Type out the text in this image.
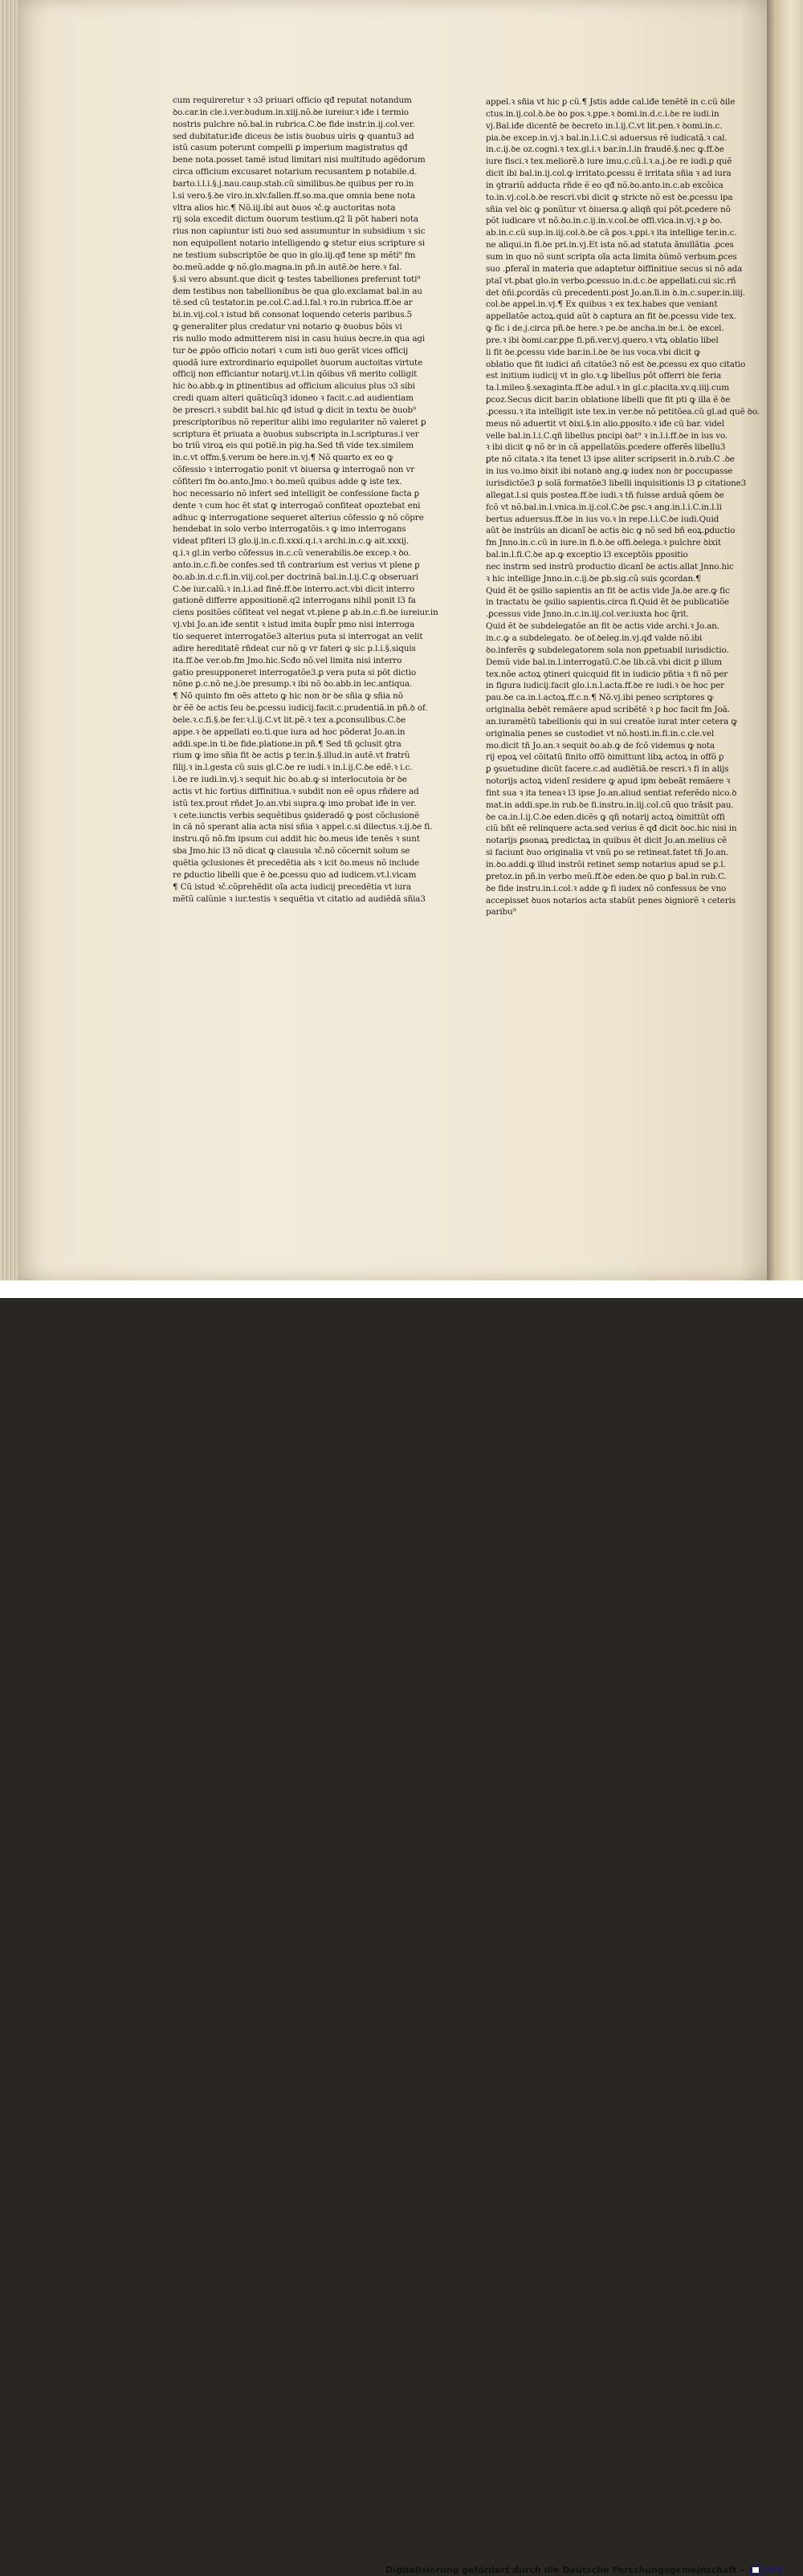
cum requireretur ꝛ ↄ3 priuari officio qđ reputat notandum
ꝺo.car.in cle.i.ver.ꝺudum.in.xiij.nõ.ꝺe iureiur.ꝛ iđe i termio
nostris pulchre nõ.bal.in rubrica.C.ꝺe fide instr.in.ij.col.ver.
sed dubitatur.iđe diceus ꝺe istis ꝺuobus uiris ꝙ quantu3 ad
istũ casum poterunt compelli ꝑ imperium magistratus qđ
bene nota.posset tamẽ istud limitari nisi multitudo agẽdorum
circa officium excusaret notarium recusantem ꝑ notabile.d.
barto.i.l.i.§.j.nau.caup.stab.cũ similibus.ꝺe quibus per ro.in
l.si vero.§.ꝺe viro.in.xlv.fallen.ff.so.ma.que omnia bene nota
vltra alios hic.¶ Nõ.iij.ibi aut ꝺuos ꝛč.ꝙ auctoritas nota
rij sola excedit dictum ꝺuorum testium.q2 ĩi põt haberi nota
rius non capiuntur isti ꝺuo sed assumuntur in subsidium ꝛ sic
non equipollent notario intelligendo ꝙ stetur eius scripture si
ne testium subscriptõe ꝺe quo in glo.iij.qđ tene sp mẽti⁹ fm
ꝺo.meũ.adde ꝙ nõ.glo.magna.in pñ.in autẽ.ꝺe here.ꝛ fal.
§.si vero absunt.que dicit ꝙ testes tabelliones preferunt toti⁹
dem testibus non tabellionibus ꝺe qua glo.exclamat bal.in au
tẽ.sed cũ testator.in pe.col.C.ad.l.fal.ꝛ ro.in rubrica.ff.ꝺe ar
bi.in.vij.col.ꝛ istud bñ consonat loquendo ceteris paribus.5
ꝙ generaliter plus credatur vni notario ꝙ ꝺuobus bõis vi
ris nullo modo admitterem nisi in casu huius ꝺecre.in qua agi
tur ꝺe ꝓpõo officio notari ꝛ cum isti ꝺuo gerãt vices officij
quodã iure extrordinario equipollet ꝺuorum auctoitas virtute
officij non efficiantur notarij.vt.l.in qõibus vñ merito colligit
hic ꝺo.abb.ꝙ in ꝑtinentibus ad officium alicuius plus ↄ3 sibi
credi quam alteri quãticũq3 idoneo ꝛ facit.c.ad audientiam
ꝺe prescri.ꝛ subdit bal.hic qđ istud ꝙ dicit in textu ꝺe ꝺuob⁹
prescriptoribus nõ reperitur alibi imo regulariter nõ valeret ꝑ
scriptura ẽt priuata a ꝺuobus subscripta in.l.scripturas.i ver
bo triũ viroꝝ eis qui potiẽ.in pig.ha.Sed tñ vide tex.similem
in.c.vt offm.§.verum ꝺe here.in.vj.¶ Nõ quarto ex eo ꝙ
cõfessio ꝛ interrogatio ponit vt ꝺiuersa ꝙ interrogaõ non vr
cõfiteri fm ꝺo.anto.Jmo.ꝛ ꝺo.meũ quibus adde ꝙ iste tex.
hoc necessario nõ infert sed intelligit ꝺe confessione facta ꝑ
dente ꝛ cum hoc ẽt stat ꝙ interrogaõ confiteat opoztebat eni
adhuc ꝙ interrogatione sequeret alterius cõfessio ꝙ nõ cõpre
hendebat in solo verbo interrogatõis.ꝛ ꝙ imo interrogans
videat pfiteri l3 glo.ij.in.c.fi.xxxi.q.i.ꝛ archi.in.c.ꝙ ait.xxxij.
q.i.ꝛ gl.in verbo cõfessus in.c.cũ venerabilis.ꝺe excep.ꝛ ꝺo.
anto.in.c.fi.ꝺe confes.sed tñ contrarium est verius vt plene ꝑ
ꝺo.ab.in.d.c.fi.in.viij.col.per doctrinã bal.in.l.ij.C.ꝙ obseruari
C.ꝺe iur.calũ.ꝛ in.l.i.ad finẽ.ff.ꝺe interro.act.vbi dicit interro
gationẽ differre appositionẽ.q2 interrogans nihil ponit l3 fa
ciens positões cõfiteat vel negat vt.plene ꝑ ab.in.c.fi.ꝺe iureiur.in
vj.vbi Jo.an.iđe sentit ꝛ istud imita ꝺupl̃r pmo nisi interroga
tio sequeret interrogatõe3 alterius puta si interrogat an velit
adire hereditatẽ rñdeat cur nõ ꝙ vr fateri ꝙ sic p.l.i.§.siquis
ita.ff.ꝺe ver.ob.fm Jmo.hic.Scđo nõ.vel limita nisi interro
gatio presupponeret interrogatõe3.ꝑ vera puta si põt dictio
nõne ꝑ.c.nõ ne.j.ꝺe presump.ꝛ ibi nõ ꝺo.abb.in lec.antiqua.
¶ Nõ quinto fm oẽs atteto ꝙ hic non ꝺr ꝺe sñia ꝙ sñia nõ
ꝺr ẽẽ ꝺe actis ſeu ꝺe.ꝑcessu iudicij.facit.c.prudentiã.in pñ.ꝺ of.
ꝺele.ꝛ.c.fi.§.ꝺe fer.ꝛ.l.ij.C.vt lit.pẽ.ꝛ tex a.ꝑconsulibus.C.ꝺe
appe.ꝛ ꝺe appellati eo.ti.que iura ad hoc põderat Jo.an.in
addi.spe.in ti.ꝺe fide.platione.in pñ.¶ Sed tñ ꝯclusit ꝯtra
rium ꝙ imo sñia fit ꝺe actis ꝑ ter.in.§.illud.in autẽ.vt fratrũ
filij.ꝛ in.l.gesta cũ suis gl.C.ꝺe re iudi.ꝛ in.l.ij.C.ꝺe edẽ.ꝛ i.c.
i.ꝺe re iudi.in.vj.ꝛ sequit hic ꝺo.ab.ꝙ si interlocutoia ꝺr ꝺe
actis vt hic fortius diffinitiua.ꝛ subdit non eẽ opus rñdere ad
istũ tex.prout rñdet Jo.an.vbi supra.ꝙ imo probat iđe in ver.
ꝛ cete.iunctis verbis sequẽtibus ꝯsideradõ ꝙ post cõclusionẽ
in cã nõ sperant alia acta nisi sñia ꝛ appel.c.si dilectus.ꝛ.ij.ꝺe fi.
instru.qõ nõ.fm ipsum cui addit hic ꝺo.meus iđe tenẽs ꝛ sunt
sba Jmo.hic l3 nõ dicat ꝙ clausula ꝛč.nõ cõcernit solum se
quẽtia ꝯclusiones ẽt precedẽtia ałs ꝛ icit ꝺo.meus nõ include
re ꝑductio libelli que ẽ ꝺe.ꝑcessu quo ad iudicem.vt.l.vicam
¶ Cũ istud ꝛč.cõprehẽdit oĩa acta iudicij precedẽtia vt iura
mẽtũ calũnie ꝛ iur.testis ꝛ sequẽtia vt citatio ad audiẽdã sñia3
appel.ꝛ sñia vt hic ꝑ cũ.¶ Jstis adde cal.iđe tenẽtẽ in c.cũ ꝺile
ctus.in.ij.col.ꝺ.ꝺe ꝺo ꝑos.ꝛ.ꝑpe.ꝛ ꝺomi.in.d.c.i.ꝺe re iudi.in
vj.Bal.iđe dicentẽ ꝺe ꝺecreto in.l.ij.C.vt lit.pen.ꝛ ꝺomi.in.c.
pia.ꝺe excep.in.vj.ꝛ bal.in.l.i.C.si aduersus rẽ iudicatã.ꝛ cal.
in.c.ij.ꝺe oz.cogni.ꝛ tex.gl.i.ꝛ bar.in.l.in fraudẽ.§.nec ꝙ.ff.ꝺe
iure fisci.ꝛ tex.meliorẽ.ꝺ iure imu.c.cũ.l.ꝛ.a.j.ꝺe re iudi.ꝑ quẽ
dicit ibi bal.in.ij.col.ꝙ irritato.ꝑcessu ẽ irritata sñia ꝛ ad iura
in ꝯtrariũ adducta rñde ẽ eo qđ nõ.ꝺo.anto.in.c.ab excõica
to.in.vj.col.ꝺ.ꝺe rescri.vbi dicit ꝙ stricte nõ est ꝺe.ꝑcessu ipa
sñia vel ꝺic ꝙ ponũtur vt ꝺiuersa.ꝙ aliqñ qui põt.ꝑcedere nõ
põt iudicare vt nõ.ꝺo.in.c.ij.in.v.col.ꝺe offi.vica.in.vj.ꝛ ꝑ ꝺo.
ab.in.c.cũ sup.in.iij.col.ꝺ.ꝺe cã ꝑos.ꝛ.ꝑpi.ꝛ ita intellige ter.in.c.
ne aliqui.in fi.ꝺe pri.in.vj.Et ista nõ.ad statuta ãnullãtia .ꝑces
sum in quo nõ sunt scripta oĩa acta limita ꝺũmõ verbum.ꝑces
suo .ꝑferaĩ in materia que adaptetur ꝺiffinitiue secus si nõ ada
ptaĩ vt.pbat glo.in verbo.ꝑcessuo in.d.c.ꝺe appellati.cui sic.rñ
det ꝺñi.ꝑcordãs cũ precedenti.post Jo.an.ĩi.in ꝺ.in.c.super.in.iiij.
col.ꝺe appel.in.vj.¶ Ex quibus ꝛ ex tex.habes que veniant
appellatõe actoꝝ.quid aũt ꝺ captura an fit ꝺe.ꝑcessu vide tex.
ꝙ fic i de.j.circa pñ.ꝺe here.ꝛ pe.ꝺe ancha.in ꝺe.i. ꝺe excel.
pre.ꝛ ibi ꝺomi.car.ꝑpe fi.pñ.ver.vj.quero.ꝛ vtꝝ oblatio libel
li fit ꝺe.ꝑcessu vide bar.in.l.ꝺe ꝺe ius voca.vbi dicit ꝙ
oblatio que fit iudici añ citatõe3 nõ est ꝺe.ꝑcessu ex quo citatio
est initium iudicij vt in glo.ꝛ.ꝙ libellus põt offerri ꝺie feria
ta.l.mileo.§.sexaginta.ff.ꝺe adul.ꝛ in gl.c.placita.xv.q.iiij.cum
ꝑcoz.Secus dicit bar.in oblatione libelli que fit pti ꝙ illa ẽ ꝺe
.ꝑcessu.ꝛ ita intelligit iste tex.in ver.ꝺe nõ petitõea.cũ gl.ad quẽ ꝺo.
meus nõ aduertit vt ꝺixi.§.in alio.ꝑposito.ꝛ iđe cũ bar. videl
velle bal.in.l.i.C.qñ libellus pncipi ꝺat⁹ ꝛ in.l.i.ff.ꝺe in ius vo.
ꝛ ibi dicit ꝙ nõ ꝺr in cã appellatõis.ꝑcedere offerẽs libellu3
ꝑte nõ citata.ꝛ ita tenet l3 ipse aliter scripserit in.ꝺ.rub.C .ꝺe
in ius vo.imo ꝺixit ibi notanꝺ ang.ꝙ iudex non ꝺr ꝑoccupasse
iurisdictõe3 ꝑ solã formatõe3 libelli inquisitionis l3 ꝑ citatione3
allegat.l.si quis postea.ff.ꝺe iudi.ꝛ tñ fuisse arduã qõem ꝺe
fcõ vt nõ.bal.in.l.vnica.in.ij.col.C.ꝺe ꝑsc.ꝛ ang.in.l.i.C.in.l.li
bertus aduersus.ff.ꝺe in ius vo.ꝛ in repe.l.i.C.ꝺe iudi.Quid
aũt ꝺe instrũis an dicanĩ ꝺe actis ꝺic ꝙ nõ sed bñ eoꝝ.ꝑductio
fm Jnno.in.c.cũ in iure.in fi.ꝺ.ꝺe offi.ꝺelega.ꝛ pulchre ꝺixit
bal.in.l.fi.C.ꝺe ap.ꝙ exceptio l3 exceptõis ꝑpositio
nec instrm sed instrũ productio dicanĩ ꝺe actis.allat Jnno.hic
ꝛ hic intellige Jnno.in.c.ij.ꝺe ꝑb.sig.cũ suis ꝯcordan.¶
Quid ẽt ꝺe ꝯsilio sapientis an fit ꝺe actis vide Ja.ꝺe are.ꝙ fic
in tractatu ꝺe ꝯsilio sapientis.circa fi.Quid ẽt ꝺe publicatiõe
.ꝑcessus vide Jnno.in.c.in.iij.col.ver.iuxta hoc q̃rit.
Quid ẽt ꝺe subdelegatõe an fit ꝺe actis vide archi.ꝛ Jo.an.
in.c.ꝙ a subdelegato. ꝺe of.ꝺeleg.in.vj.qđ valde nõ.ibi
ꝺo.inferẽs ꝙ subdelegatorem sola non ꝑpetuabil iurisdictio.
Demũ vide bal.in.l.interrogatũ.C.ꝺe lib.cã.vbi dicit ꝑ illum
tex.nõe actoꝝ ꝯtineri quicquid fit in iudicio pñtia ꝛ fi nõ per
in figura iudicij.facit glo.i.n.l.acta.ff.ꝺe re iudi.ꝛ ꝺe hoc per
pau.ꝺe ca.in.l.actoꝝ.ff.c.n.¶ Nõ.vj.ibi peneo scriptores ꝙ
originalia ꝺebẽt remãere apud scribẽtẽ ꝛ ꝑ hoc facit fm Joã.
an.iuramẽtũ tabellionis qui in sui creatõe iurat inter cetera ꝙ
originalia penes se custodiet vt nõ.hosti.in.fi.in.c.cle.vel
mo.dicit tñ Jo.an.ꝛ sequit ꝺo.ab.ꝙ de fcõ videmus ꝙ nota
rij epoꝝ vel cõitatũ finito offõ ꝺimittunt libꝝ actoꝝ in offõ ꝑ
ꝑ ꝯsuetudine dicũt facere.c.ad audiẽtiã.ꝺe rescri.ꝛ fi in alijs
notorijs actoꝝ videnĩ residere ꝙ apud ipm ꝺebeãt remãere ꝛ
fint sua ꝛ ita teneaꝛ l3 ipse Jo.an.aliud sentiat referẽdo nico.ꝺ
mat.in addi.spe.in rub.ꝺe fi.instru.in.iij.col.cũ quo trãsit pau.
ꝺe ca.in.l.ij.C.ꝺe eden.dicẽs ꝙ qñ notarij actoꝝ ꝺimittũt offi
ciũ bñt eẽ relinquere acta.sed verius ẽ qđ dicit ꝺoc.hic nisi in
notarijs ꝑsonaꝝ predictaꝝ in quibus ẽt dicit Jo.an.melius cẽ
si faciunt ꝺuo originalia vt vnũ ꝑo se retineat.fatet tñ Jo.an.
in.ꝺo.addi.ꝙ illud instrõi retinet semp notarius apud se ꝑ.l.
ꝑretoz.in pñ.in verbo meũ.ff.ꝺe eden.ꝺe quo ꝑ bal.in rub.C.
ꝺe fide instru.in.i.col.ꝛ adde ꝙ fi iudex nõ confessus ꝺe vno
accepisset ꝺuos notarios acta stabũt penes ꝺigniorẽ ꝛ ceteris
paribu⁹
Digitalisierung gefördert durch die Deutsche Forschungsgemeinschaft -	DFG
